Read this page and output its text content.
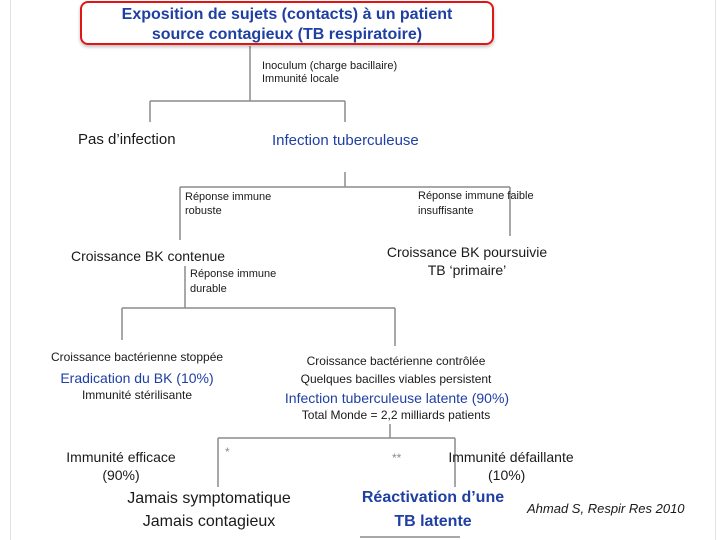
Exposition de sujets (contacts) à un patient
source contagieux (TB respiratoire)
Inoculum (charge bacillaire)
Immunité locale
Pas d’infection	Infection tuberculeuse
Réponse immune
robuste
Réponse immune faible
insuffisante
Croissance BK contenue	Croissance BK poursuivie
TB ‘primaire’
Réponse immune
durable
Croissance bactérienne stoppée
Eradication du BK (10%)
Immunité stérilisante
Croissance bactérienne contrôlée
Quelques bacilles viables persistent
Infection tuberculeuse latente (90%)
Total Monde = 2,2 milliards patients
Immunité efficace
(90%)
*	**	Immunité défaillante
(10%)
Jamais symptomatique
Jamais contagieux
Réactivation d’une
TB latente
Ahmad S, Respir Res 2010
